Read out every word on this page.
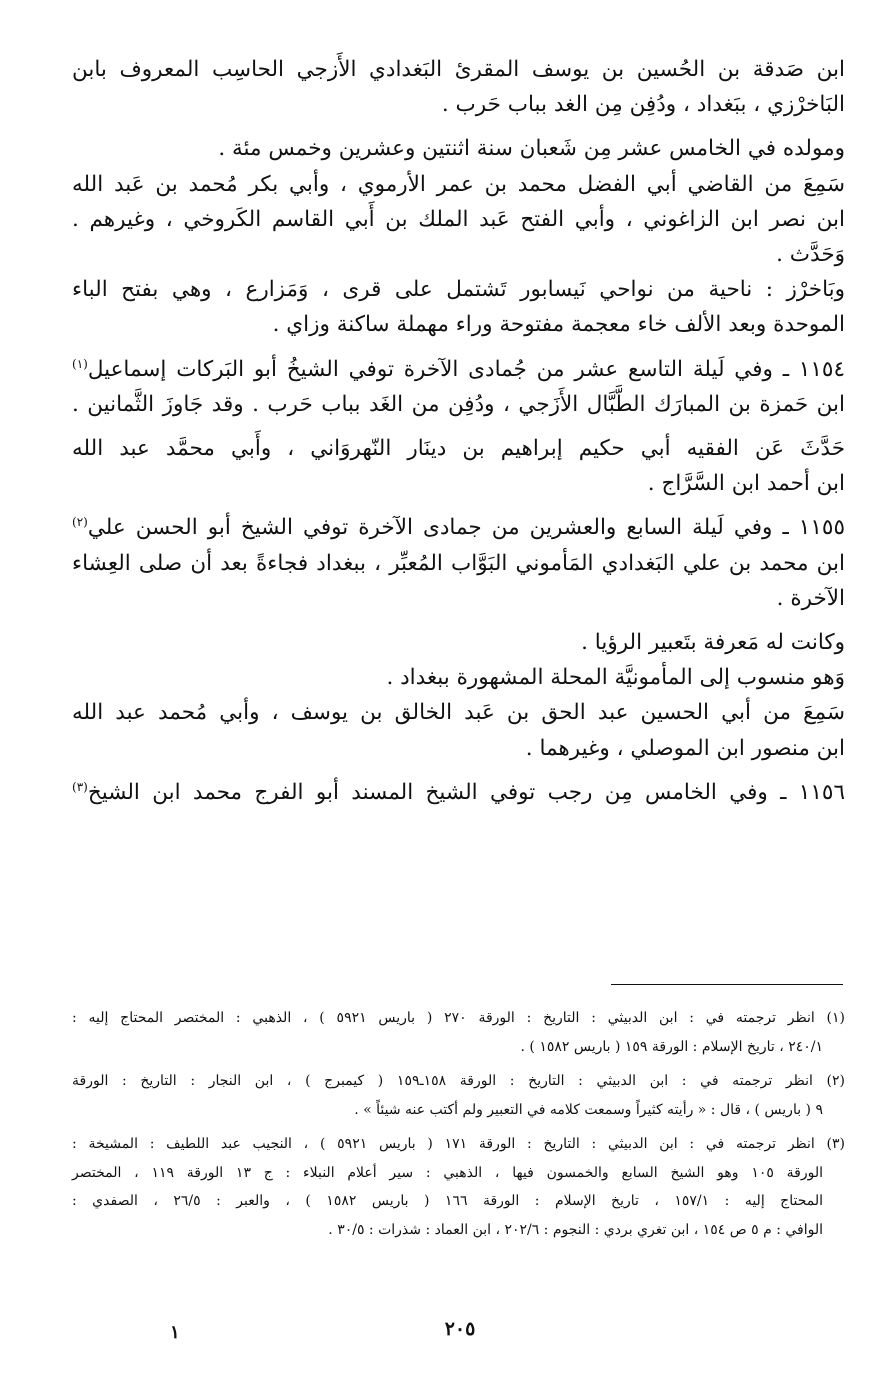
ابن صَدقة بن الحُسين بن يوسف المقرئ البَغدادي الأَزجي الحاسِب المعروف بابن
البَاخرْزي ، ببَغداد ، ودُفِن مِن الغد بباب حَرب .
ومولده في الخامس عشر مِن شَعبان سنة اثنتين وعشرين وخمس مئة .
سَمِعَ من القاضي أبي الفضل محمد بن عمر الأرموي ، وأبي بكر مُحمد بن عَبد الله
ابن نصر ابن الزاغوني ، وأبي الفتح عَبد الملك بن أَبي القاسم الكَروخي ، وغيرهم .
وَحَدَّث .
وبَاخرْز : ناحية من نواحي نَيسابور تَشتمل على قرى ، وَمَزارع ، وهي بفتح الباء
الموحدة وبعد الألف خاء معجمة مفتوحة وراء مهملة ساكنة وزاي .
١١٥٤ ـ وفي لَيلة التاسع عشر من جُمادى الآخرة توفي الشيخُ أبو البَركات إسماعيل$^{(١)}$
ابن حَمزة بن المبارَك الطَّبَّال الأَزَجي ، ودُفِن من الغَد بباب حَرب . وقد جَاوزَ الثَّمانين .
حَدَّثَ عَن الفقيه أبي حكيم إبراهيم بن دينَار النّهروَاني ، وأَبي محمَّد عبد الله
ابن أحمد ابن السَّرَّاج .
١١٥٥ ـ وفي لَيلة السابع والعشرين من جمادى الآخرة توفي الشيخ أبو الحسن علي$^{(٢)}$
ابن محمد بن علي البَغدادي المَأموني البَوَّاب المُعبِّر ، ببغداد فجاءةً بعد أن صلى العِشاء
الآخرة .
وكانت له مَعرفة بتَعبير الرؤيا .
وَهو منسوب إلى المأمونيَّة المحلة المشهورة ببغداد .
سَمِعَ من أبي الحسين عبد الحق بن عَبد الخالق بن يوسف ، وأبي مُحمد عبد الله
ابن منصور ابن الموصلي ، وغيرهما .
١١٥٦ ـ وفي الخامس مِن رجب توفي الشيخ المسند أبو الفرج محمد ابن الشيخ$^{(٣)}$
(١) انظر ترجمته في : ابن الدبيثي : التاريخ : الورقة ٢٧٠ ( باريس ٥٩٢١ ) ، الذهبي : المختصر المحتاج إليه :
٢٤٠/١ ، تاريخ الإسلام : الورقة ١٥٩ ( باريس ١٥٨٢ ) .
(٢) انظر ترجمته في : ابن الدبيثي : التاريخ : الورقة ١٥٨ـ١٥٩ ( كيمبرج ) ، ابن النجار : التاريخ : الورقة
٩ ( باريس ) ، قال : « رأيته كثيراً وسمعت كلامه في التعبير ولم أكتب عنه شيئاً » .
(٣) انظر ترجمته في : ابن الدبيثي : التاريخ : الورقة ١٧١ ( باريس ٥٩٢١ ) ، النجيب عبد اللطيف : المشيخة :
الورقة ١٠٥ وهو الشيخ السابع والخمسون فيها ، الذهبي : سير أعلام النبلاء : ج ١٣ الورقة ١١٩ ، المختصر
المحتاج إليه : ١٥٧/١ ، تاريخ الإسلام : الورقة ١٦٦ ( باريس ١٥٨٢ ) ، والعبر : ٢٦/٥ ، الصفدي :
الوافي : م ٥ ص ١٥٤ ، ابن تغري بردي : النجوم : ٢٠٢/٦ ، ابن العماد : شذرات : ٣٠/٥ .
٢٠٥
١
